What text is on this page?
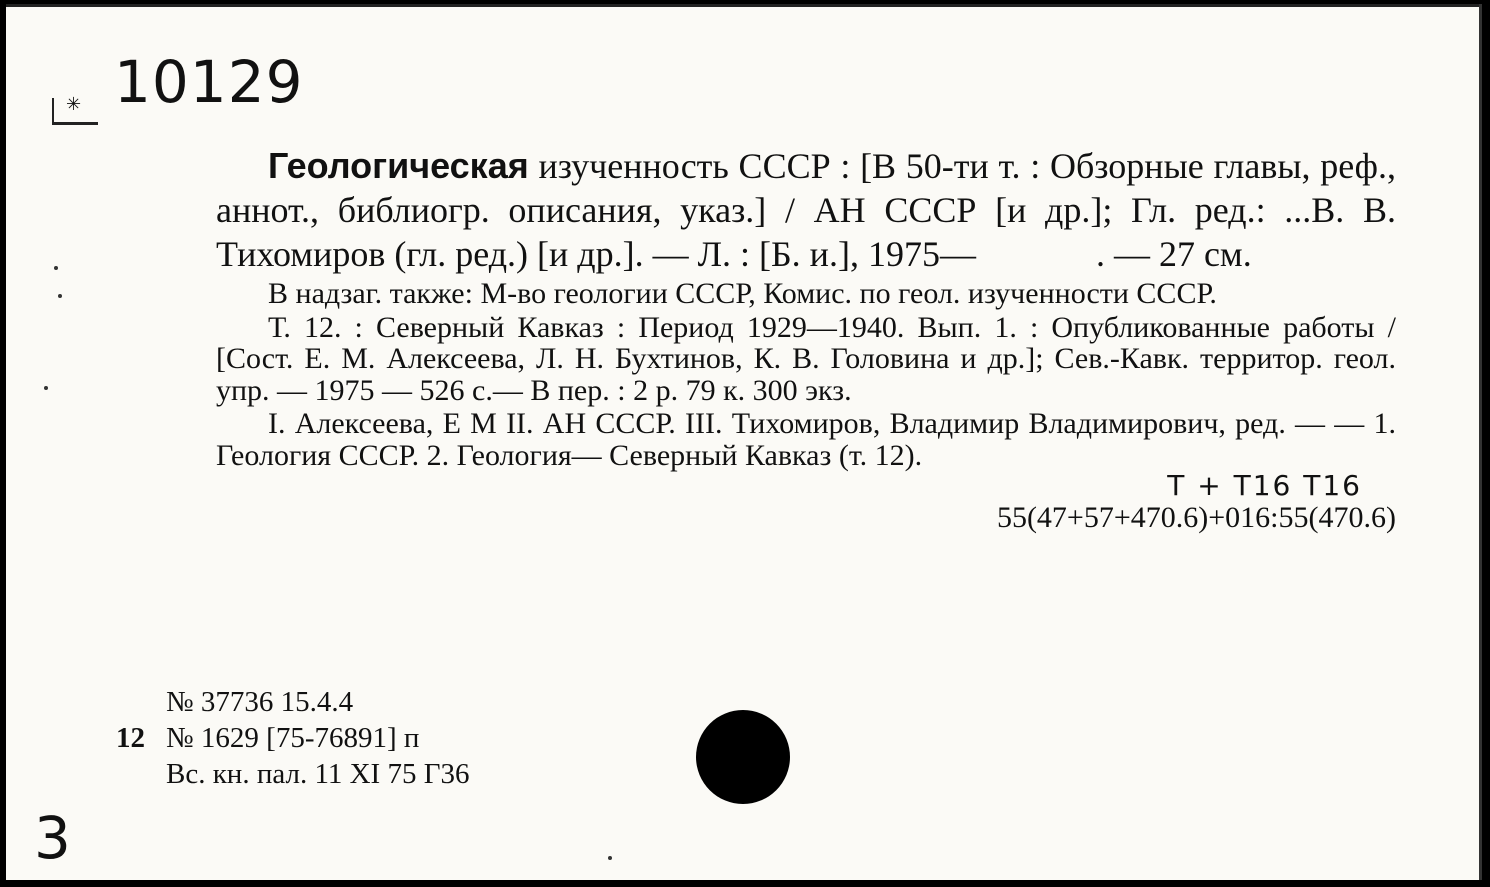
✳
10129

Геологическая изученность СССР : [В 50-ти т. : Обзорные главы, реф., аннот., библиогр. описания, указ.] / АН СССР [и др.]; Гл. ред.: ...В. В. Тихомиров (гл. ред.) [и др.]. — Л. : [Б. и.], 1975—	. — 27 см.

В надзаг. также: М-во геологии СССР, Комис. по геол. изученности СССР.

Т. 12. : Северный Кавказ : Период 1929—1940. Вып. 1. : Опубликованные работы / [Сост. Е. М. Алексеева, Л. Н. Бухтинов, К. В. Головина и др.]; Сев.-Кавк. территор. геол. упр. — 1975 — 526 с.— В пер. : 2 р. 79 к. 300 экз.

I. Алексеева, Е М II. АН СССР. III. Тихомиров, Владимир Владимирович, ред. — — 1. Геология СССР. 2. Геология— Северный Кавказ (т. 12).

T + T16 T16
55(47+57+470.6)+016:55(470.6)
№ 37736 15.4.4
12 № 1629 [75-76891] п
Вс. кн. пал. 11 XI 75 Г36
3
